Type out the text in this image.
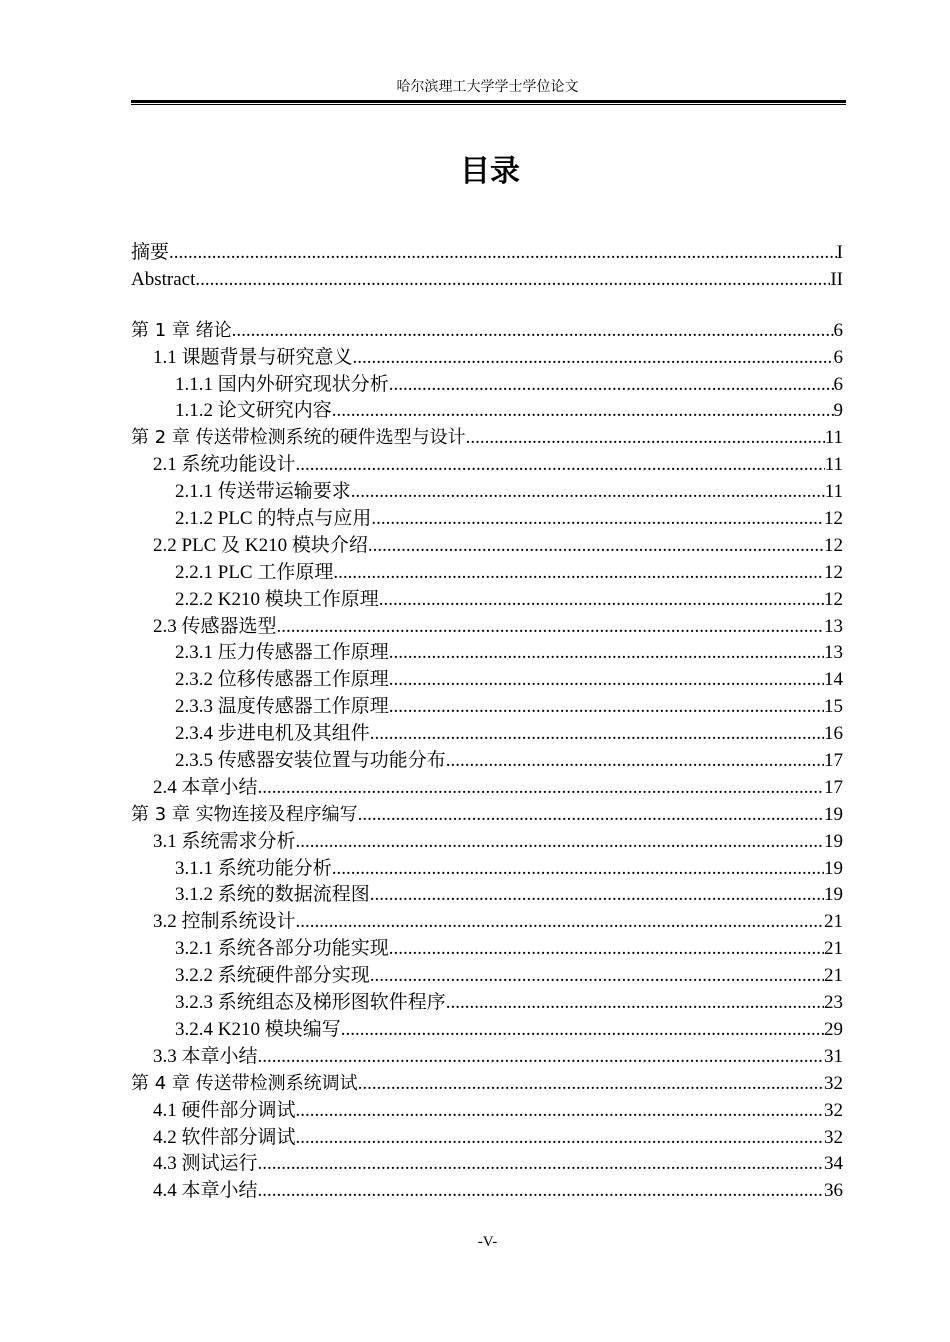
哈尔滨理工大学学士学位论文
目录
摘要 .....	I
Abstract .....	II
第 1 章 绪论 .....	6
1.1 课题背景与研究意义 .....	6
1.1.1 国内外研究现状分析 .....	6
1.1.2 论文研究内容 .....	9
第 2 章 传送带检测系统的硬件选型与设计 .....	11
2.1 系统功能设计 .....	11
2.1.1 传送带运输要求 .....	11
2.1.2 PLC 的特点与应用 .....	12
2.2 PLC 及 K210 模块介绍 .....	12
2.2.1 PLC 工作原理 .....	12
2.2.2 K210 模块工作原理 .....	12
2.3 传感器选型 .....	13
2.3.1 压力传感器工作原理 .....	13
2.3.2 位移传感器工作原理 .....	14
2.3.3 温度传感器工作原理 .....	15
2.3.4 步进电机及其组件 .....	16
2.3.5 传感器安装位置与功能分布 .....	17
2.4 本章小结 .....	17
第 3 章 实物连接及程序编写 .....	19
3.1 系统需求分析 .....	19
3.1.1 系统功能分析 .....	19
3.1.2 系统的数据流程图 .....	19
3.2 控制系统设计 .....	21
3.2.1 系统各部分功能实现 .....	21
3.2.2 系统硬件部分实现 .....	21
3.2.3 系统组态及梯形图软件程序 .....	23
3.2.4 K210 模块编写 .....	29
3.3 本章小结 .....	31
第 4 章 传送带检测系统调试 .....	32
4.1 硬件部分调试 .....	32
4.2 软件部分调试 .....	32
4.3 测试运行 .....	34
4.4 本章小结 .....	36
-V-
